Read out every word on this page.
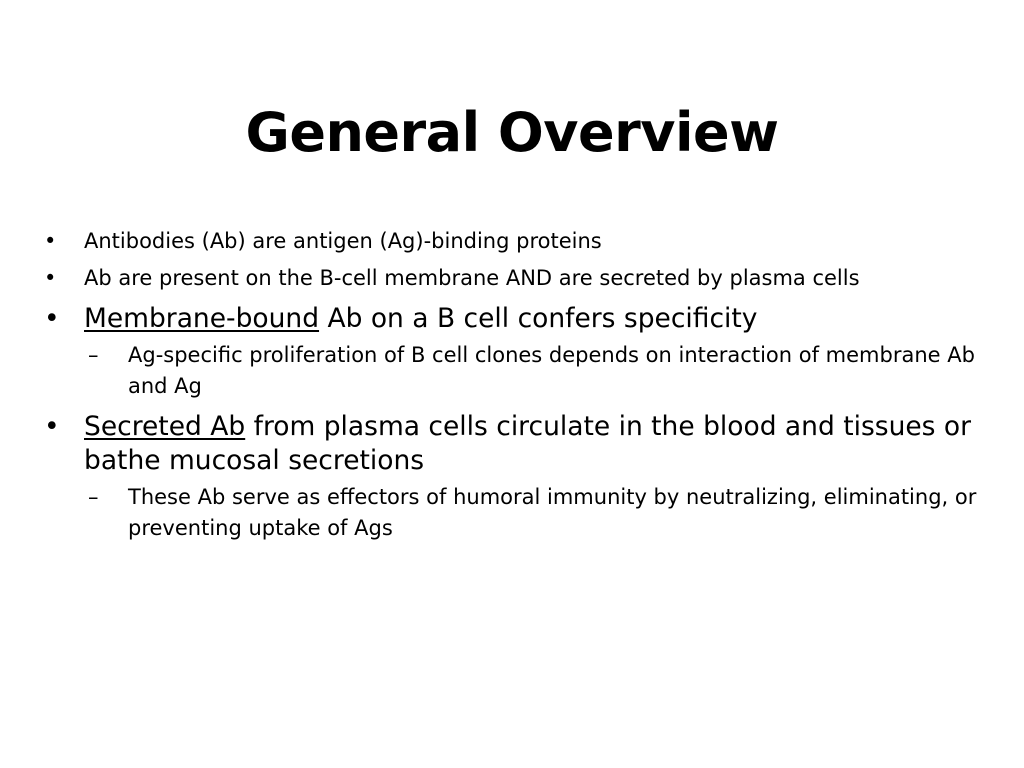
General Overview
• Antibodies (Ab) are antigen (Ag)-binding proteins
• Ab are present on the B-cell membrane AND are secreted by plasma cells
• Membrane-bound Ab on a B cell confers specificity
– Ag-specific proliferation of B cell clones depends on interaction of membrane Ab and Ag
• Secreted Ab from plasma cells circulate in the blood and tissues or bathe mucosal secretions
– These Ab serve as effectors of humoral immunity by neutralizing, eliminating, or preventing uptake of Ags
